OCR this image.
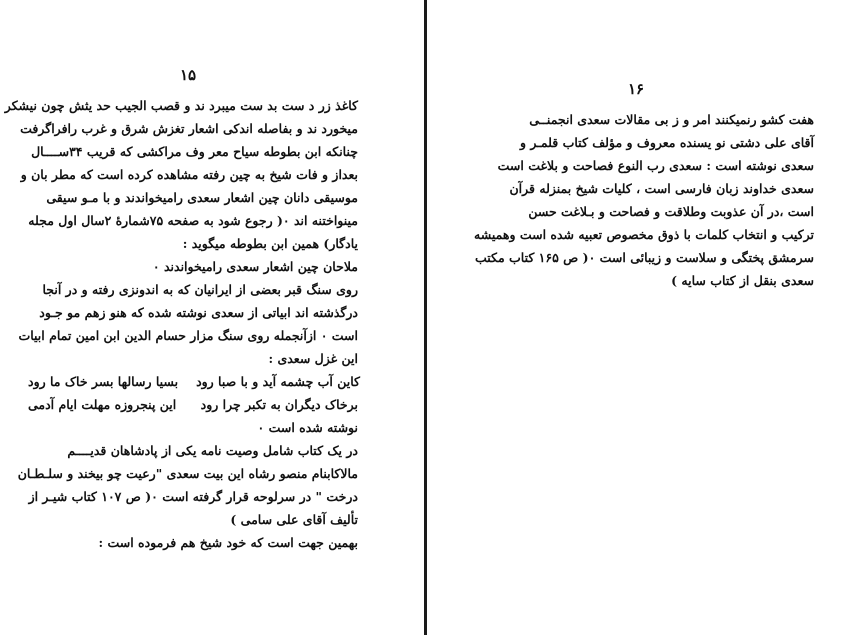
۱۵
کاغذ زر د ست بد ست میبرد ند و قصب الجیب حد یثش چون نیشکر
میخورد ند و بفاصله اندکی اشعار تغزش شرق و غرب رافراگرفت
چنانکه ابن بطوطه سیاح معر وف مراکشی که قریب ۳۴ســــال
بعداز و فات شیخ به چین رفته مشاهده کرده است که مطر بان و
موسیقی دانان چین اشعار سعدی رامیخواندند و با مـو سیقی
مینواختنه اند ۰( رجوع شود به صفحه ۷۵شمارهٔ ۲سال اول مجله
یادگار) همین ابن بطوطه میگوید :
ملاحان چین اشعار سعدی رامیخواندند ۰
روی سنگ قبر بعضی از ایرانیان که به اندونزی رفته و در آنجا
درگذشته اند ابیاتی از سعدی نوشته شده که هنو زهم مو جـود
است ۰ ازآنجمله روی سنگ مزار حسام الدین ابن امین تمام ابیات
این غزل سعدی :
بسیا رسالها بسر خاک ما رود کاین آب چشمه آید و با صبا رود
این پنجروزه مهلت ایام آدمی برخاک دیگران به تکبر چرا رود
نوشته شده است ۰
در یک کتاب شامل وصیت نامه یکی از پادشاهان قدیــــم
مالاکابنام منصو رشاه این بیت سعدی "رعیت چو بیخند و سلـطـان
درخت " در سرلوحه قرار گرفته است ۰( ص ۱۰۷ کتاب شیـر از
تألیف آقای علی سامی )
بهمین جهت است که خود شیخ هم فرموده است :
۱۶
هفت کشو رنمیکنند امر و ز بی مقالات سعدی انجمنــی
آقای علی دشتی نو یسنده معروف و مؤلف کتاب قلمـر و
سعدی نوشته است : سعدی رب النوع فصاحت و بلاغت است
سعدی خداوند زبان فارسی است ، کلیات شیخ بمنزله قرآن
است ،در آن عذوبت وطلاقت و فصاحت و بـلاغت حسن
ترکیب و انتخاب کلمات با ذوق مخصوص تعبیه شده است وهمیشه
سرمشق پختگی و سلاست و زیبائی است ۰( ص ۱۶۵ کتاب مکتب
سعدی بنقل از کتاب سایه )
